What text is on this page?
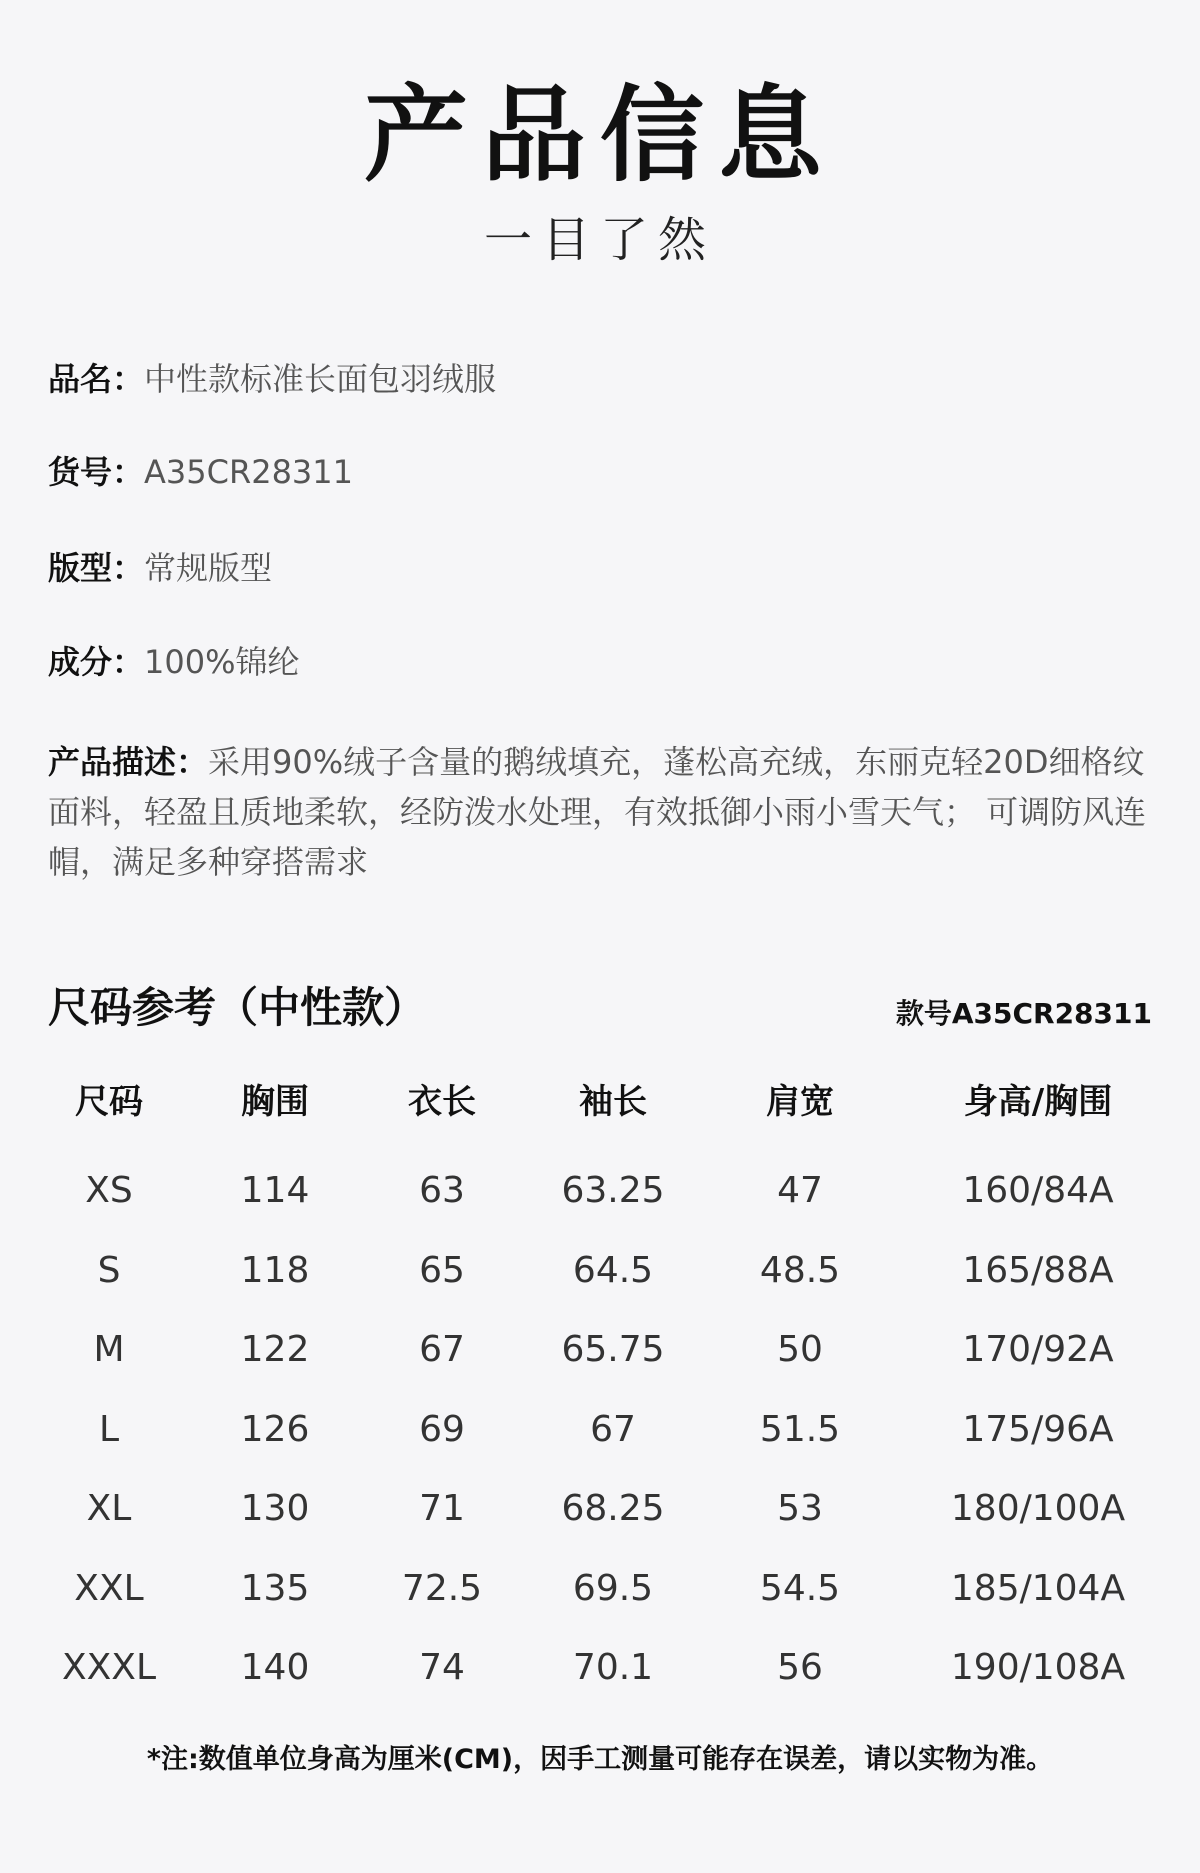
产品信息
一目了然
品名：中性款标准长面包羽绒服
货号：A35CR28311
版型：常规版型
成分：100%锦纶
产品描述：采用90%绒子含量的鹅绒填充，蓬松高充绒，东丽克轻20D细格纹面料，轻盈且质地柔软，经防泼水处理，有效抵御小雨小雪天气； 可调防风连帽，满足多种穿搭需求
尺码参考（中性款）	款号A35CR28311
尺码	胸围	衣长	袖长	肩宽	身高/胸围
XS	114	63	63.25	47	160/84A
S	118	65	64.5	48.5	165/88A
M	122	67	65.75	50	170/92A
L	126	69	67	51.5	175/96A
XL	130	71	68.25	53	180/100A
XXL	135	72.5	69.5	54.5	185/104A
XXXL	140	74	70.1	56	190/108A
*注:数值单位身高为厘米(CM)，因手工测量可能存在误差，请以实物为准。
